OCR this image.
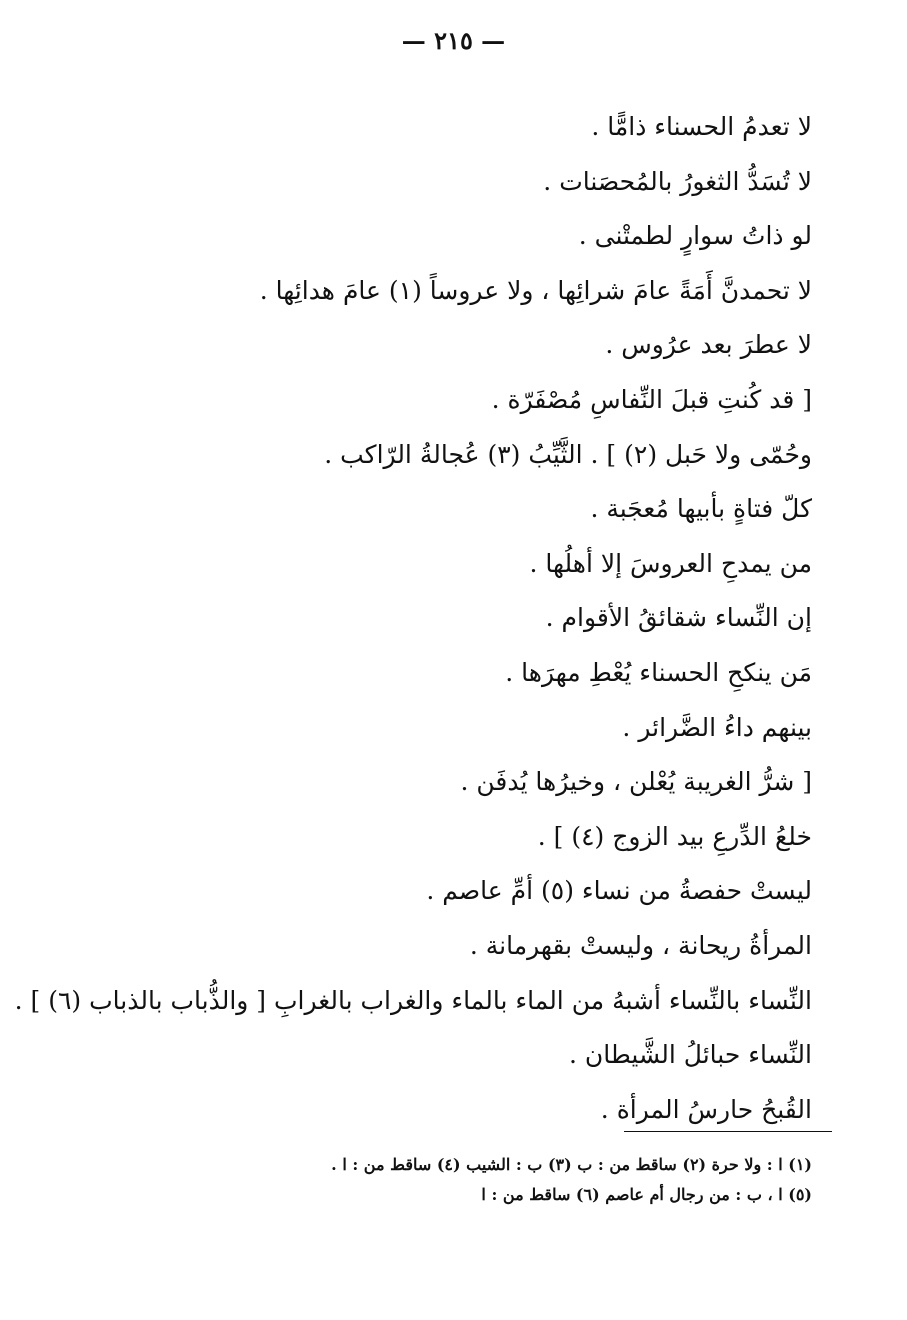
— ٢١٥ —
لا تعدمُ الحسناء ذامًّا .
لا تُسَدُّ الثغورُ بالمُحصَنات .
لو ذاتُ سوارٍ لطمتْنى .
لا تحمدنَّ أَمَةً عامَ شرائِها ، ولا عروساً (١) عامَ هدائِها .
لا عطرَ بعد عرُوس .
[ قد كُنتِ قبلَ النِّفاسِ مُصْفَرّة .
وحُمّى ولا حَبل (٢) ] . الثَّيِّبُ (٣) عُجالةُ الرّاكب .
كلّ فتاةٍ بأبيها مُعجَبة .
من يمدحِ العروسَ إلا أهلُها .
إن النِّساء شقائقُ الأقوام .
مَن ينكحِ الحسناء يُعْطِ مهرَها .
بينهم داءُ الضَّرائر .
[ شرُّ الغريبة يُعْلن ، وخيرُها يُدفَن .
خلعُ الدِّرعِ بيد الزوج (٤) ] .
ليستْ حفصةُ من نساء (٥) أمِّ عاصم .
المرأةُ ريحانة ، وليستْ بقهرمانة .
النِّساء بالنِّساء أشبهُ من الماء بالماء والغراب بالغرابِ [ والذُّباب بالذباب (٦) ] .
النِّساء حبائلُ الشَّيطان .
القُبحُ حارسُ المرأة .
(١) ا : ولا حرة (٢) ساقط من : ب (٣) ب : الشيب (٤) ساقط من : ا .
(٥) ا ، ب : من رجال أم عاصم (٦) ساقط من : ا
